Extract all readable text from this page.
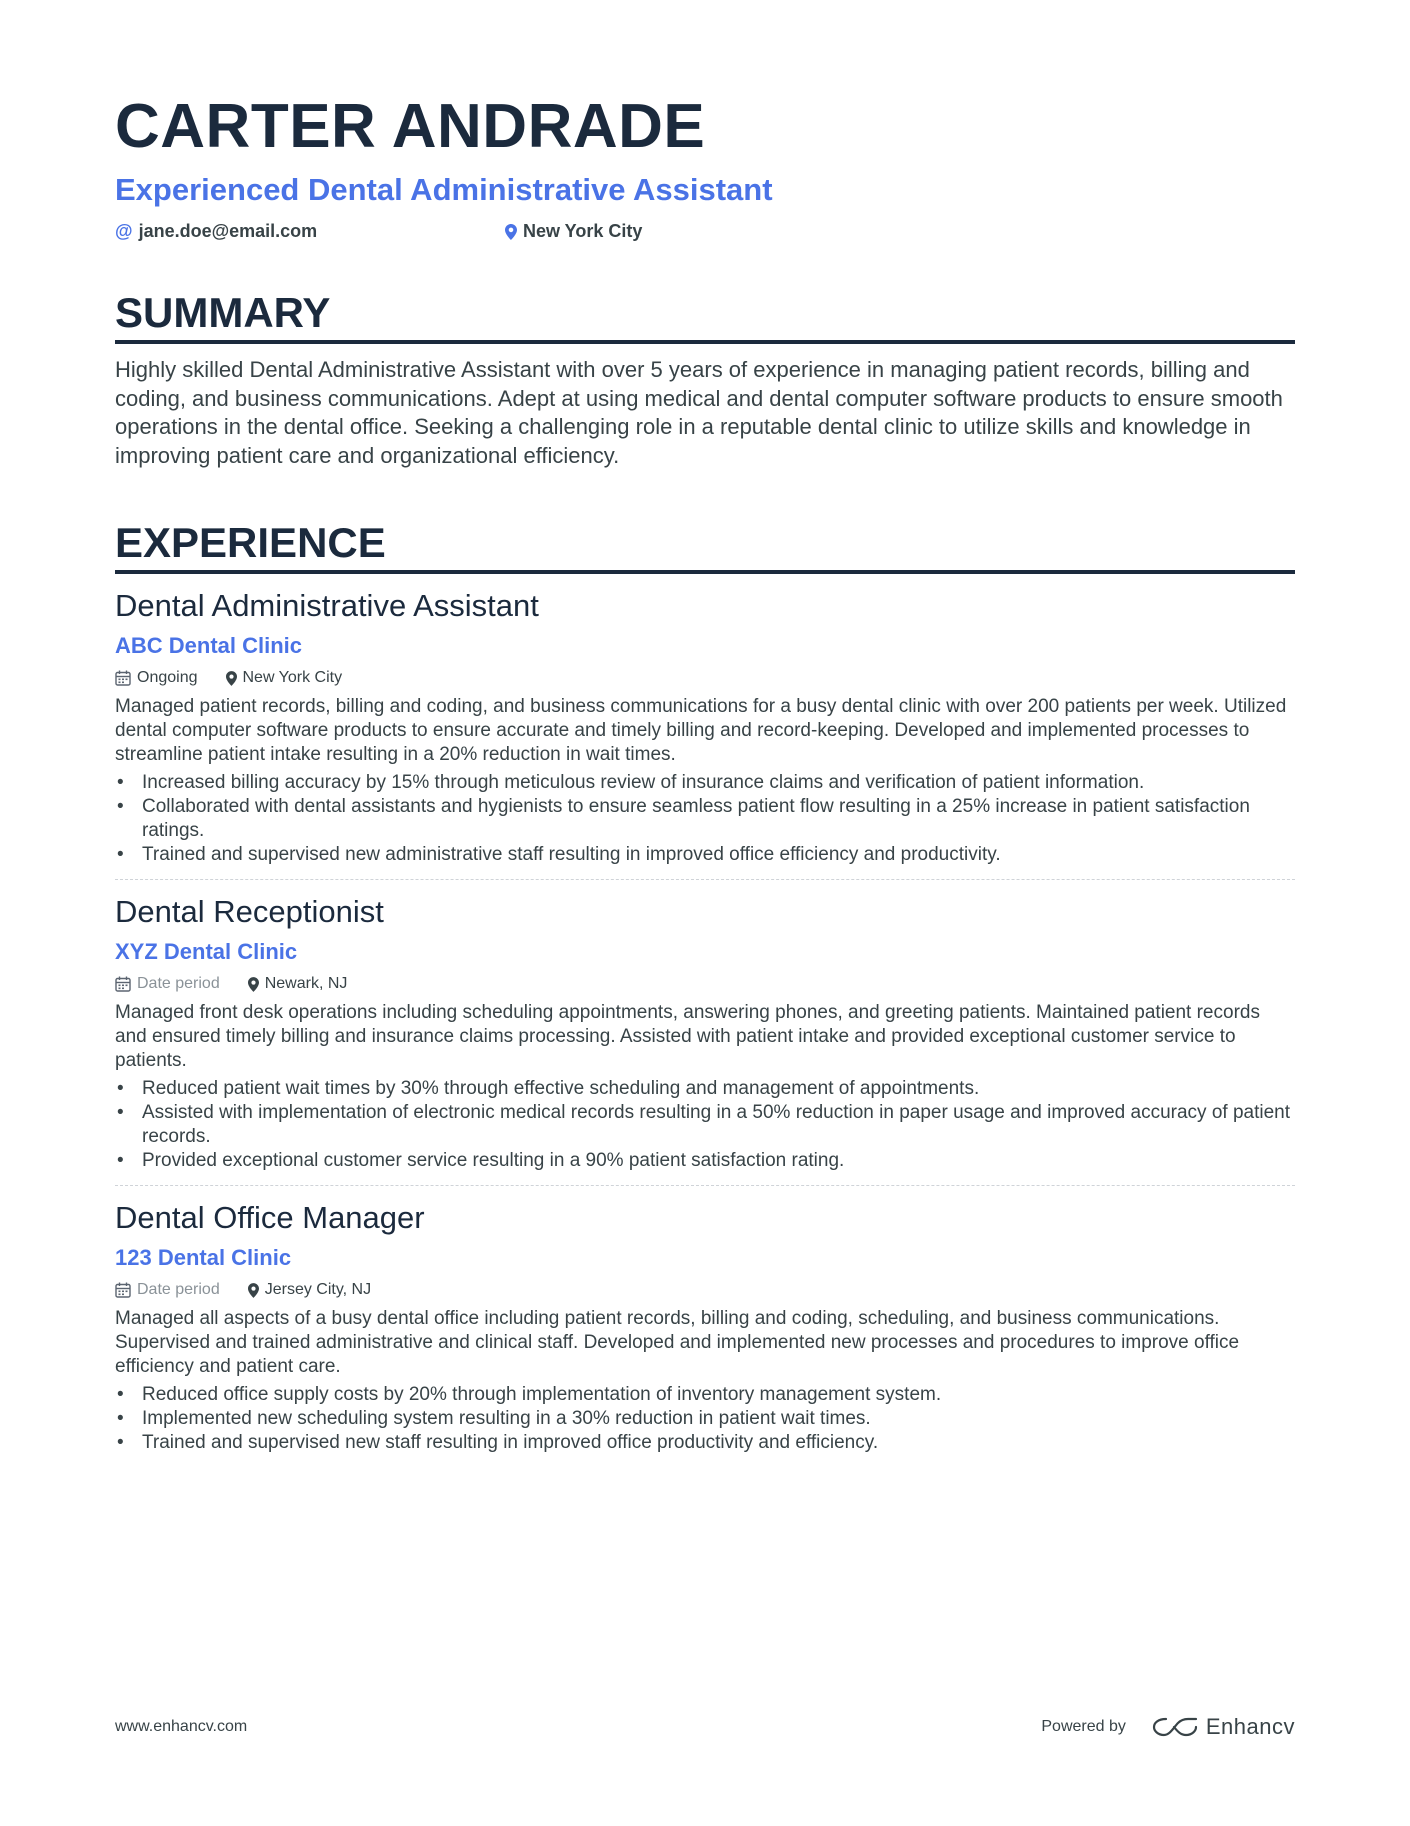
CARTER ANDRADE
Experienced Dental Administrative Assistant
@ jane.doe@email.com	New York City
SUMMARY
Highly skilled Dental Administrative Assistant with over 5 years of experience in managing patient records, billing and coding, and business communications. Adept at using medical and dental computer software products to ensure smooth operations in the dental office. Seeking a challenging role in a reputable dental clinic to utilize skills and knowledge in improving patient care and organizational efficiency.
EXPERIENCE
Dental Administrative Assistant
ABC Dental Clinic
Ongoing	New York City
Managed patient records, billing and coding, and business communications for a busy dental clinic with over 200 patients per week. Utilized dental computer software products to ensure accurate and timely billing and record-keeping. Developed and implemented processes to streamline patient intake resulting in a 20% reduction in wait times.
• Increased billing accuracy by 15% through meticulous review of insurance claims and verification of patient information.
• Collaborated with dental assistants and hygienists to ensure seamless patient flow resulting in a 25% increase in patient satisfaction ratings.
• Trained and supervised new administrative staff resulting in improved office efficiency and productivity.
Dental Receptionist
XYZ Dental Clinic
Date period	Newark, NJ
Managed front desk operations including scheduling appointments, answering phones, and greeting patients. Maintained patient records and ensured timely billing and insurance claims processing. Assisted with patient intake and provided exceptional customer service to patients.
• Reduced patient wait times by 30% through effective scheduling and management of appointments.
• Assisted with implementation of electronic medical records resulting in a 50% reduction in paper usage and improved accuracy of patient records.
• Provided exceptional customer service resulting in a 90% patient satisfaction rating.
Dental Office Manager
123 Dental Clinic
Date period	Jersey City, NJ
Managed all aspects of a busy dental office including patient records, billing and coding, scheduling, and business communications. Supervised and trained administrative and clinical staff. Developed and implemented new processes and procedures to improve office efficiency and patient care.
• Reduced office supply costs by 20% through implementation of inventory management system.
• Implemented new scheduling system resulting in a 30% reduction in patient wait times.
• Trained and supervised new staff resulting in improved office productivity and efficiency.
www.enhancv.com	Powered by	Enhancv
